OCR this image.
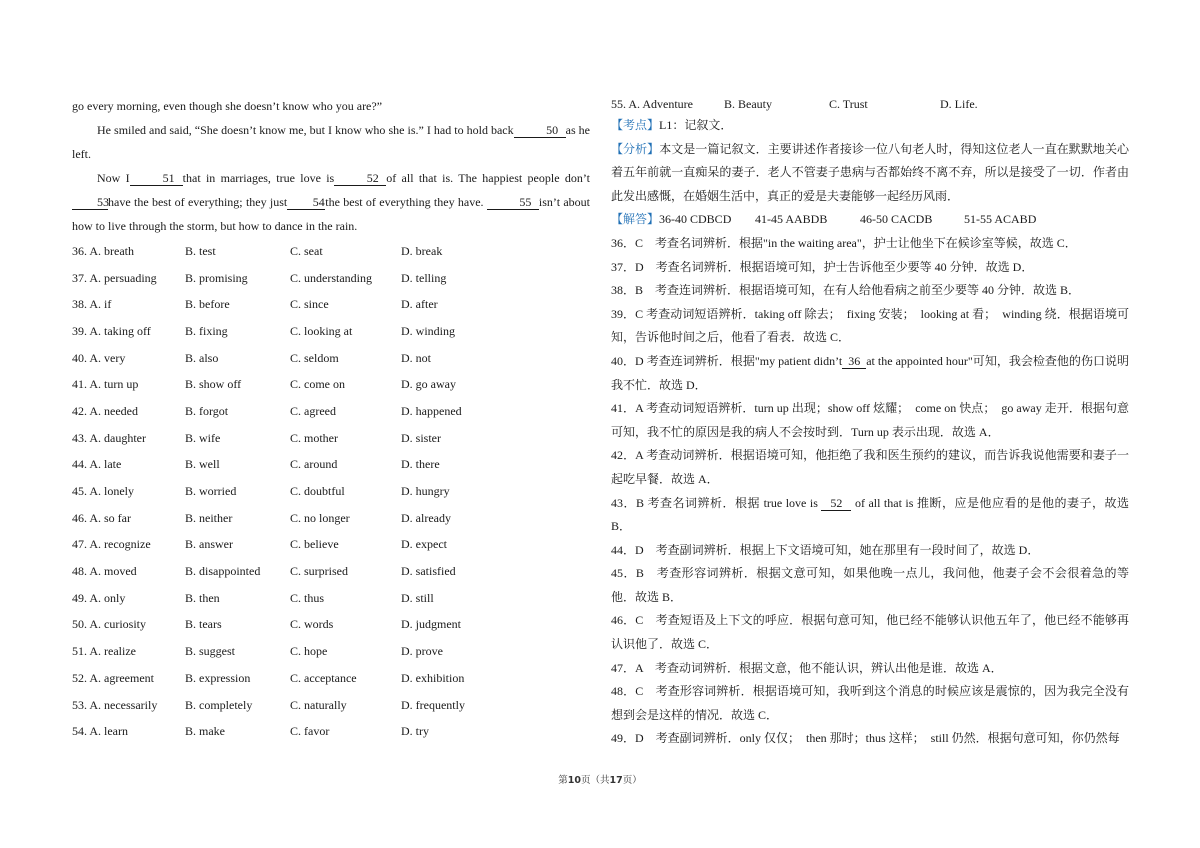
go every morning, even though she doesn’t know who you are?”

He smiled and said, “She doesn’t know me, but I know who she is.” I had to hold back	50 as he left.

Now I	51 that in marriages, true love is	52 of all that is. The happiest people don’t 53have the best of everything; they just 54the best of everything they have.	55 isn’t about how to live through the storm, but how to dance in the rain.

36. A. breath	B. test	C. seat	D. break
37. A. persuading	B. promising	C. understanding	D. telling
38. A. if	B. before	C. since	D. after
39. A. taking off	B. fixing	C. looking at	D. winding
40. A. very	B. also	C. seldom	D. not
41. A. turn up	B. show off	C. come on	D. go away
42. A. needed	B. forgot	C. agreed	D. happened
43. A. daughter	B. wife	C. mother	D. sister
44. A. late	B. well	C. around	D. there
45. A. lonely	B. worried	C. doubtful	D. hungry
46. A. so far	B. neither	C. no longer	D. already
47. A. recognize	B. answer	C. believe	D. expect
48. A. moved	B. disappointed	C. surprised	D. satisfied
49. A. only	B. then	C. thus	D. still
50. A. curiosity	B. tears	C. words	D. judgment
51. A. realize	B. suggest	C. hope	D. prove
52. A. agreement	B. expression	C. acceptance	D. exhibition
53. A. necessarily	B. completely	C. naturally	D. frequently
54. A. learn	B. make	C. favor	D. try
55. A. Adventure	B. Beauty	C. Trust	D. Life.

【考点】L1：记叙文．

【分析】本文是一篇记叙文．主要讲述作者接诊一位八旬老人时，得知这位老人一直在默默地关心着五年前就一直痴呆的妻子．老人不管妻子患病与否都始终不离不弃，所以是接受了一切．作者由此发出感慨，在婚姻生活中，真正的爱是夫妻能够一起经历风雨．

【解答】36-40 CDBCD 41-45 AABDB	46-50 CACDB	51-55 ACABD

36．C　考查名词辨析．根据"in the waiting area"，护士让他坐下在候诊室等候，故选 C．

37．D　考查名词辨析．根据语境可知，护士告诉他至少要等 40 分钟．故选 D．

38．B　考查连词辨析．根据语境可知，在有人给他看病之前至少要等 40 分钟．故选 B．

39．C 考查动词短语辨析．taking off 除去；　fixing 安装；　looking at 看；　winding 绕．根据语境可知，告诉他时间之后，他看了看表．故选 C．

40．D 考查连词辨析．根据"my patient didn’t 36 at the appointed hour"可知，我会检查他的伤口说明我不忙．故选 D．

41．A 考查动词短语辨析．turn up 出现；show off 炫耀；　come on 快点；　go away 走开．根据句意可知，我不忙的原因是我的病人不会按时到．Turn up 表示出现．故选 A．

42．A 考查动词辨析．根据语境可知，他拒绝了我和医生预约的建议，而告诉我说他需要和妻子一起吃早餐．故选 A．

43．B 考查名词辨析．根据 true love is 52 of all that is 推断，应是他应看的是他的妻子，故选 B．

44．D　考查副词辨析．根据上下文语境可知，她在那里有一段时间了，故选 D．

45．B　考查形容词辨析．根据文意可知，如果他晚一点儿，我问他，他妻子会不会很着急的等他．故选 B．

46．C　考查短语及上下文的呼应．根据句意可知，他已经不能够认识他五年了，他已经不能够再认识他了．故选 C．

47．A　考查动词辨析．根据文意，他不能认识，辨认出他是谁．故选 A．

48．C　考查形容词辨析．根据语境可知，我听到这个消息的时候应该是震惊的，因为我完全没有想到会是这样的情况．故选 C．

49．D　考查副词辨析．only 仅仅；　then 那时；thus 这样；　still 仍然．根据句意可知，你仍然每

第10页（共17页）
